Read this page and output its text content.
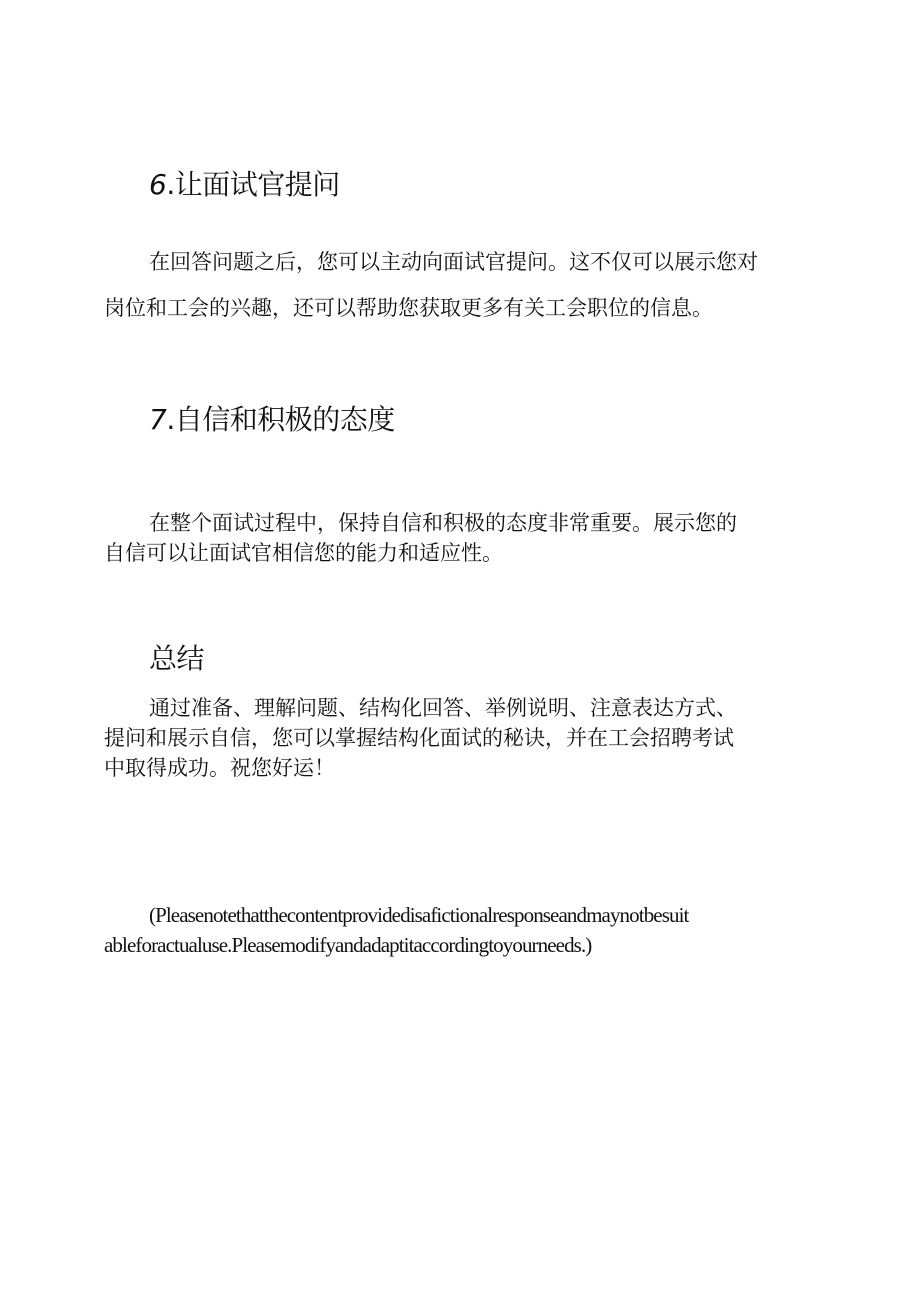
6.让面试官提问
在回答问题之后，您可以主动向面试官提问。这不仅可以展示您对
岗位和工会的兴趣，还可以帮助您获取更多有关工会职位的信息。
7.自信和积极的态度
在整个面试过程中，保持自信和积极的态度非常重要。展示您的
自信可以让面试官相信您的能力和适应性。
总结
通过准备、理解问题、结构化回答、举例说明、注意表达方式、
提问和展示自信，您可以掌握结构化面试的秘诀，并在工会招聘考试
中取得成功。祝您好运！
(Pleasenotethatthecontentprovidedisafictionalresponseandmaynotbesuit
ableforactualuse.Pleasemodifyandadaptitaccordingtoyourneeds.)
